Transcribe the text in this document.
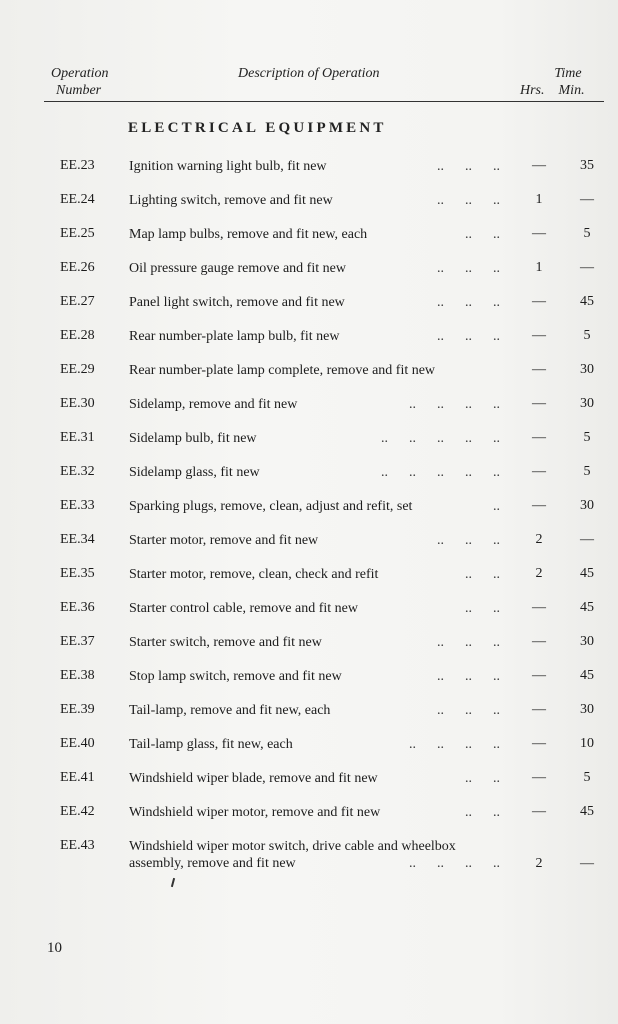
Operation
Number
Description of Operation	Time
Hrs. Min.
ELECTRICAL EQUIPMENT
EE.23 Ignition warning light bulb, fit new	..      ..      ..	—	35
EE.24 Lighting switch, remove and fit new	..      ..      ..	1	—
EE.25 Map lamp bulbs, remove and fit new, each	..      ..	—	5
EE.26 Oil pressure gauge remove and fit new	..      ..      ..	1	—
EE.27 Panel light switch, remove and fit new	..      ..      ..	—	45
EE.28 Rear number-plate lamp bulb, fit new	..      ..      ..	—	5
EE.29 Rear number-plate lamp complete, remove and fit new	—	30
EE.30 Sidelamp, remove and fit new	..      ..      ..      ..	—	30
EE.31 Sidelamp bulb, fit new	..      ..      ..      ..      ..	—	5
EE.32 Sidelamp glass, fit new	..      ..      ..      ..      ..	—	5
EE.33 Sparking plugs, remove, clean, adjust and refit, set	..	—	30
EE.34 Starter motor, remove and fit new	..      ..      ..	2	—
EE.35 Starter motor, remove, clean, check and refit	..      ..	2	45
EE.36 Starter control cable, remove and fit new	..      ..	—	45
EE.37 Starter switch, remove and fit new	..      ..      ..	—	30
EE.38 Stop lamp switch, remove and fit new	..      ..      ..	—	45
EE.39 Tail-lamp, remove and fit new, each	..      ..      ..	—	30
EE.40 Tail-lamp glass, fit new, each	..      ..      ..      ..	—	10
EE.41 Windshield wiper blade, remove and fit new	..      ..	—	5
EE.42 Windshield wiper motor, remove and fit new	..      ..	—	45
EE.43 Windshield wiper motor switch, drive cable and wheelbox
assembly, remove and fit new	..      ..      ..      ..	2	—
10
